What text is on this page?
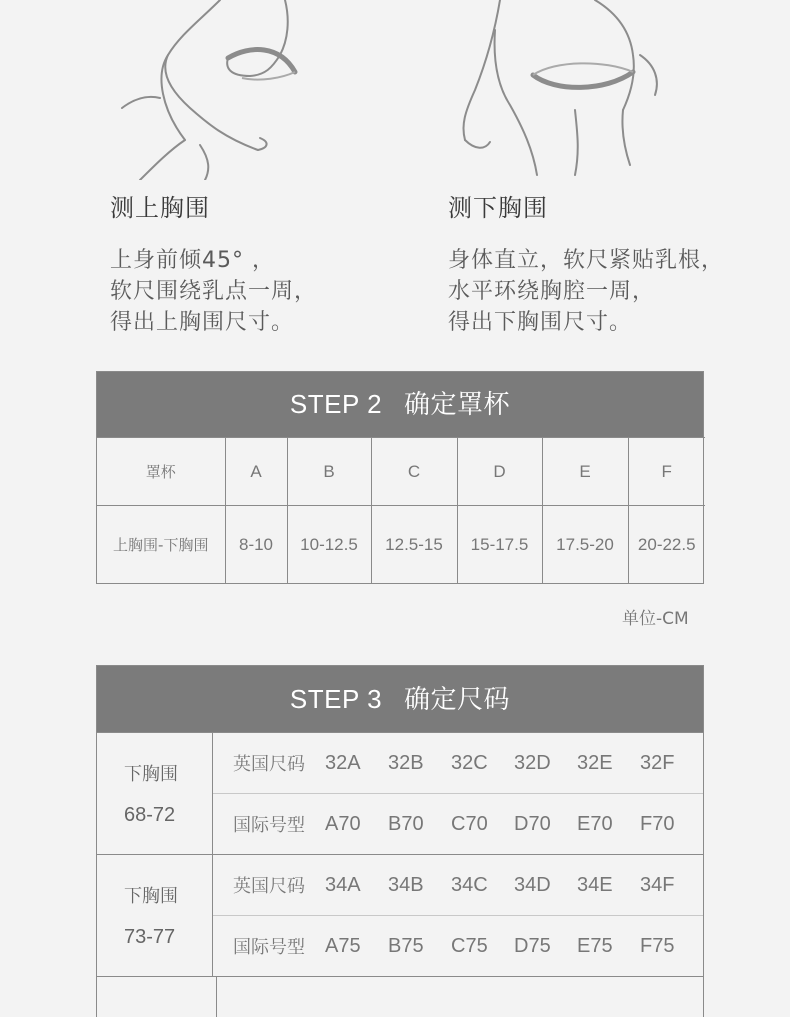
测上胸围
上身前倾45° ，
软尺围绕乳点一周，
得出上胸围尺寸。
测下胸围
身体直立，软尺紧贴乳根，
水平环绕胸腔一周，
得出下胸围尺寸。
STEP 2 确定罩杯
罩杯	A	B	C	D	E	F
上胸围-下胸围	8-10	10-12.5	12.5-15	15-17.5	17.5-20	20-22.5
单位-CM
STEP 3 确定尺码
下胸围
68-72
英国尺码	32A	32B	32C	32D	32E	32F
国际号型	A70	B70	C70	D70	E70	F70
下胸围
73-77
英国尺码	34A	34B	34C	34D	34E	34F
国际号型	A75	B75	C75	D75	E75	F75
